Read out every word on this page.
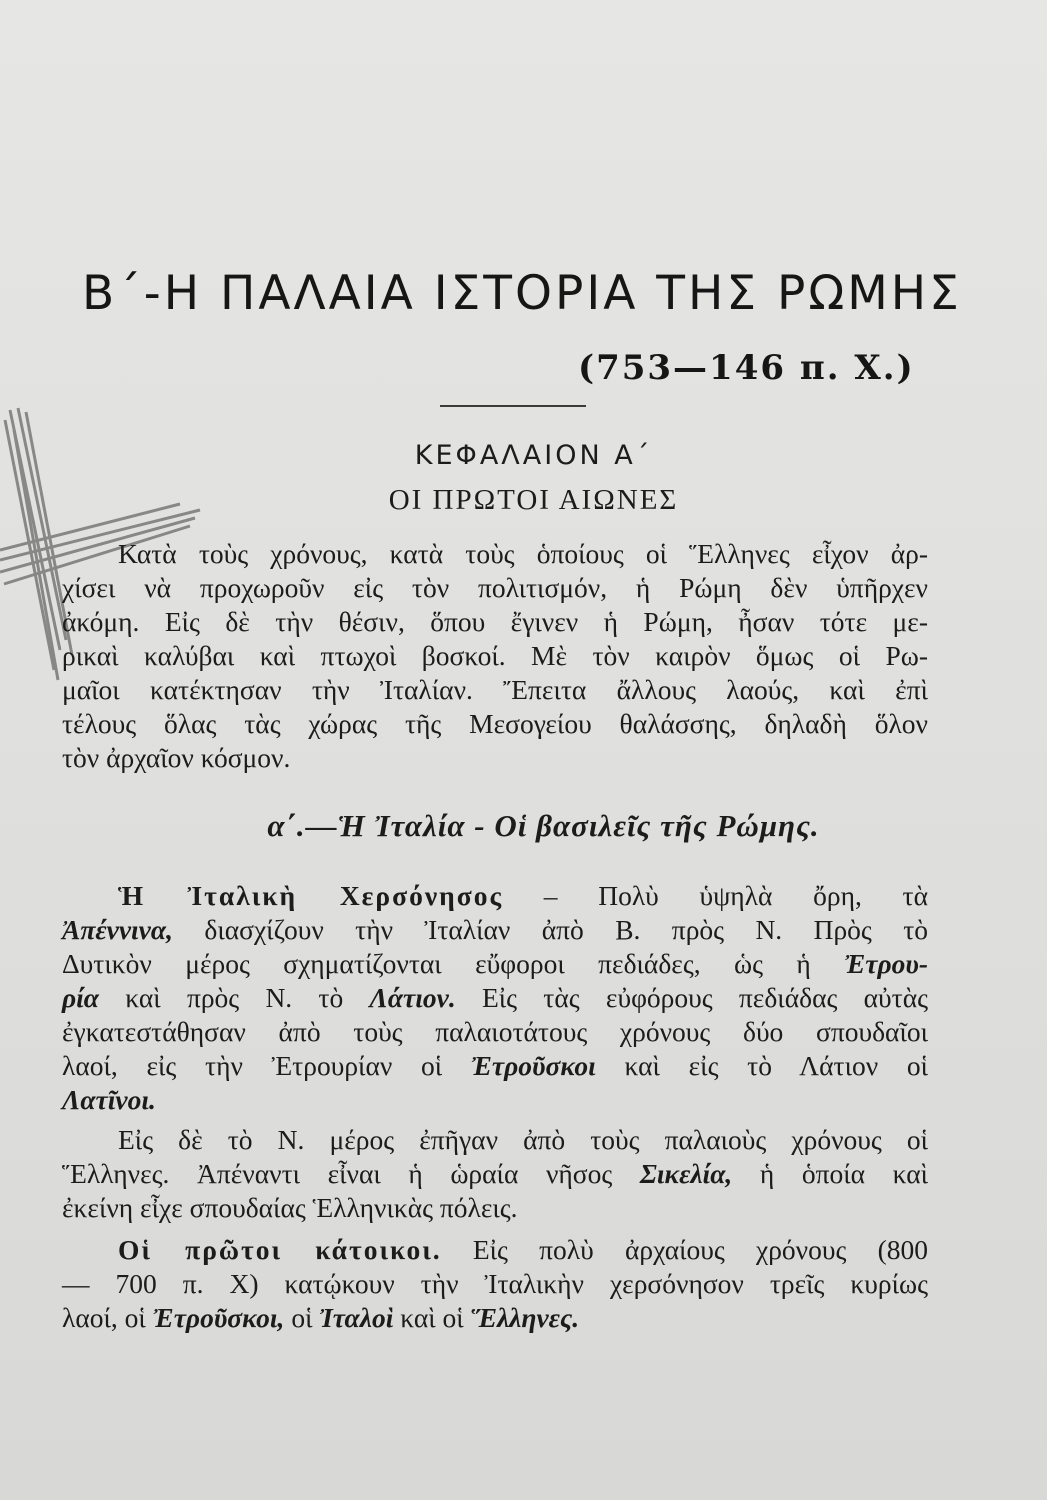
Β΄-Η ΠΑΛΑΙΑ ΙΣΤΟΡΙΑ ΤΗΣ ΡΩΜΗΣ
(753—146 π. Χ.)
ΚΕΦΑΛΑΙΟΝ Α΄
ΟΙ ΠΡΩΤΟΙ ΑΙΩΝΕΣ
Κατὰ τοὺς χρόνους, κατὰ τοὺς ὁποίους οἱ Ἕλληνες εἶχον ἀρ-
χίσει νὰ προχωροῦν εἰς τὸν πολιτισμόν, ἡ Ρώμη δὲν ὑπῆρχεν
ἀκόμη. Εἰς δὲ τὴν θέσιν, ὅπου ἔγινεν ἡ Ρώμη, ἦσαν τότε με-
ρικαὶ καλύβαι καὶ πτωχοὶ βοσκοί. Μὲ τὸν καιρὸν ὅμως οἱ Ρω-
μαῖοι κατέκτησαν τὴν Ἰταλίαν. Ἔπειτα ἄλλους λαούς, καὶ ἐπὶ
τέλους ὅλας τὰς χώρας τῆς Μεσογείου θαλάσσης, δηλαδὴ ὅλον
τὸν ἀρχαῖον κόσμον.
α΄.—Ἡ Ἰταλία - Οἱ βασιλεῖς τῆς Ρώμης.
Ἡ Ἰταλικὴ Χερσόνησος – Πολὺ ὑψηλὰ ὄρη, τὰ
Ἀπέννινα, διασχίζουν τὴν Ἰταλίαν ἀπὸ Β. πρὸς Ν. Πρὸς τὸ
Δυτικὸν μέρος σχηματίζονται εὔφοροι πεδιάδες, ὡς ἡ Ἐτρου-
ρία καὶ πρὸς Ν. τὸ Λάτιον. Εἰς τὰς εὐφόρους πεδιάδας αὐτὰς
ἐγκατεστάθησαν ἀπὸ τοὺς παλαιοτάτους χρόνους δύο σπουδαῖοι
λαοί, εἰς τὴν Ἐτρουρίαν οἱ Ἐτροῦσκοι καὶ εἰς τὸ Λάτιον οἱ
Λατῖνοι.
Εἰς δὲ τὸ Ν. μέρος ἐπῆγαν ἀπὸ τοὺς παλαιοὺς χρόνους οἱ
Ἕλληνες. Ἀπέναντι εἶναι ἡ ὡραία νῆσος Σικελία, ἡ ὁποία καὶ
ἐκείνη εἶχε σπουδαίας Ἑλληνικὰς πόλεις.
Οἱ πρῶτοι κάτοικοι. Εἰς πολὺ ἀρχαίους χρόνους (800
— 700 π. Χ) κατῴκουν τὴν Ἰταλικὴν χερσόνησον τρεῖς κυρίως
λαοί, οἱ Ἐτροῦσκοι, οἱ Ἰταλοὶ καὶ οἱ Ἕλληνες.
